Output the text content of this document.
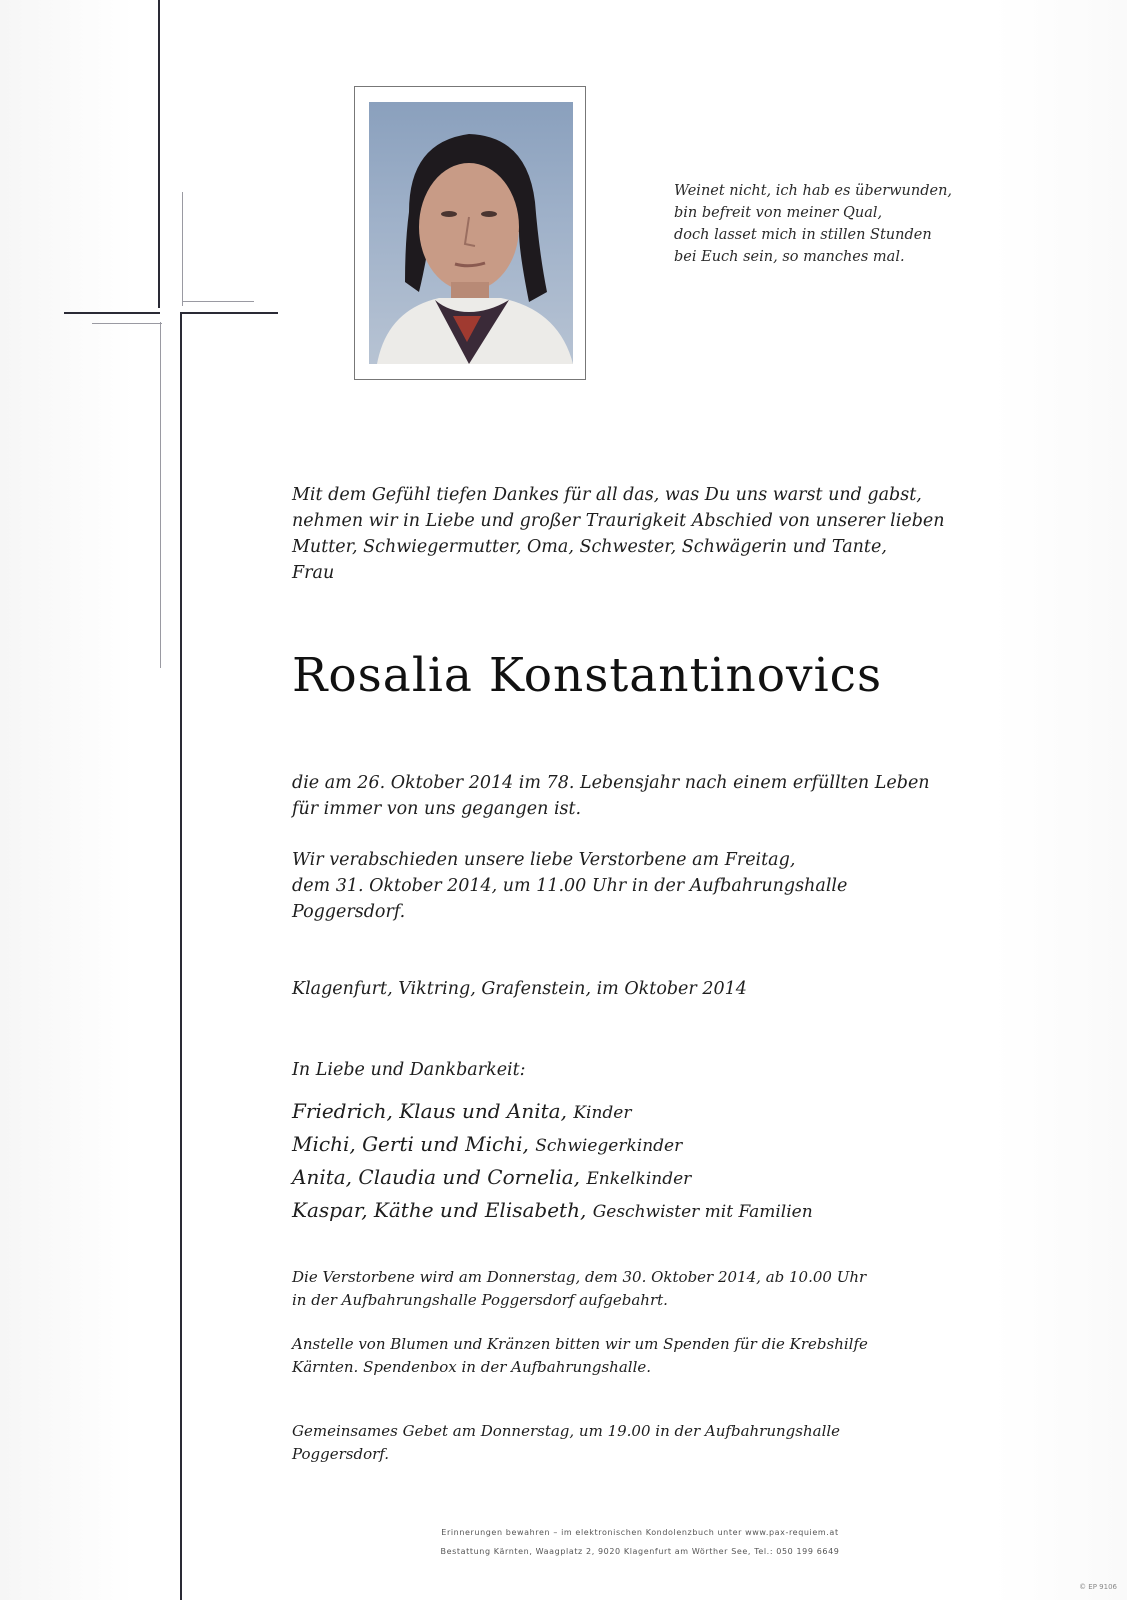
Weinet nicht, ich hab es überwunden,
bin befreit von meiner Qual,
doch lasset mich in stillen Stunden
bei Euch sein, so manches mal.
Mit dem Gefühl tiefen Dankes für all das, was Du uns warst und gabst,
nehmen wir in Liebe und großer Traurigkeit Abschied von unserer lieben
Mutter, Schwiegermutter, Oma, Schwester, Schwägerin und Tante,
Frau
Rosalia Konstantinovics
die am 26. Oktober 2014 im 78. Lebensjahr nach einem erfüllten Leben
für immer von uns gegangen ist.
Wir verabschieden unsere liebe Verstorbene am Freitag,
dem 31. Oktober 2014, um 11.00 Uhr in der Aufbahrungshalle
Poggersdorf.
Klagenfurt, Viktring, Grafenstein, im Oktober 2014
In Liebe und Dankbarkeit:
Friedrich, Klaus und Anita, Kinder
Michi, Gerti und Michi, Schwiegerkinder
Anita, Claudia und Cornelia, Enkelkinder
Kaspar, Käthe und Elisabeth, Geschwister mit Familien
Die Verstorbene wird am Donnerstag, dem 30. Oktober 2014, ab 10.00 Uhr
in der Aufbahrungshalle Poggersdorf aufgebahrt.
Anstelle von Blumen und Kränzen bitten wir um Spenden für die Krebshilfe
Kärnten. Spendenbox in der Aufbahrungshalle.
Gemeinsames Gebet am Donnerstag, um 19.00 in der Aufbahrungshalle
Poggersdorf.
Erinnerungen bewahren – im elektronischen Kondolenzbuch unter www.pax-requiem.at
Bestattung Kärnten, Waagplatz 2, 9020 Klagenfurt am Wörther See, Tel.: 050 199 6649
© EP 9106
